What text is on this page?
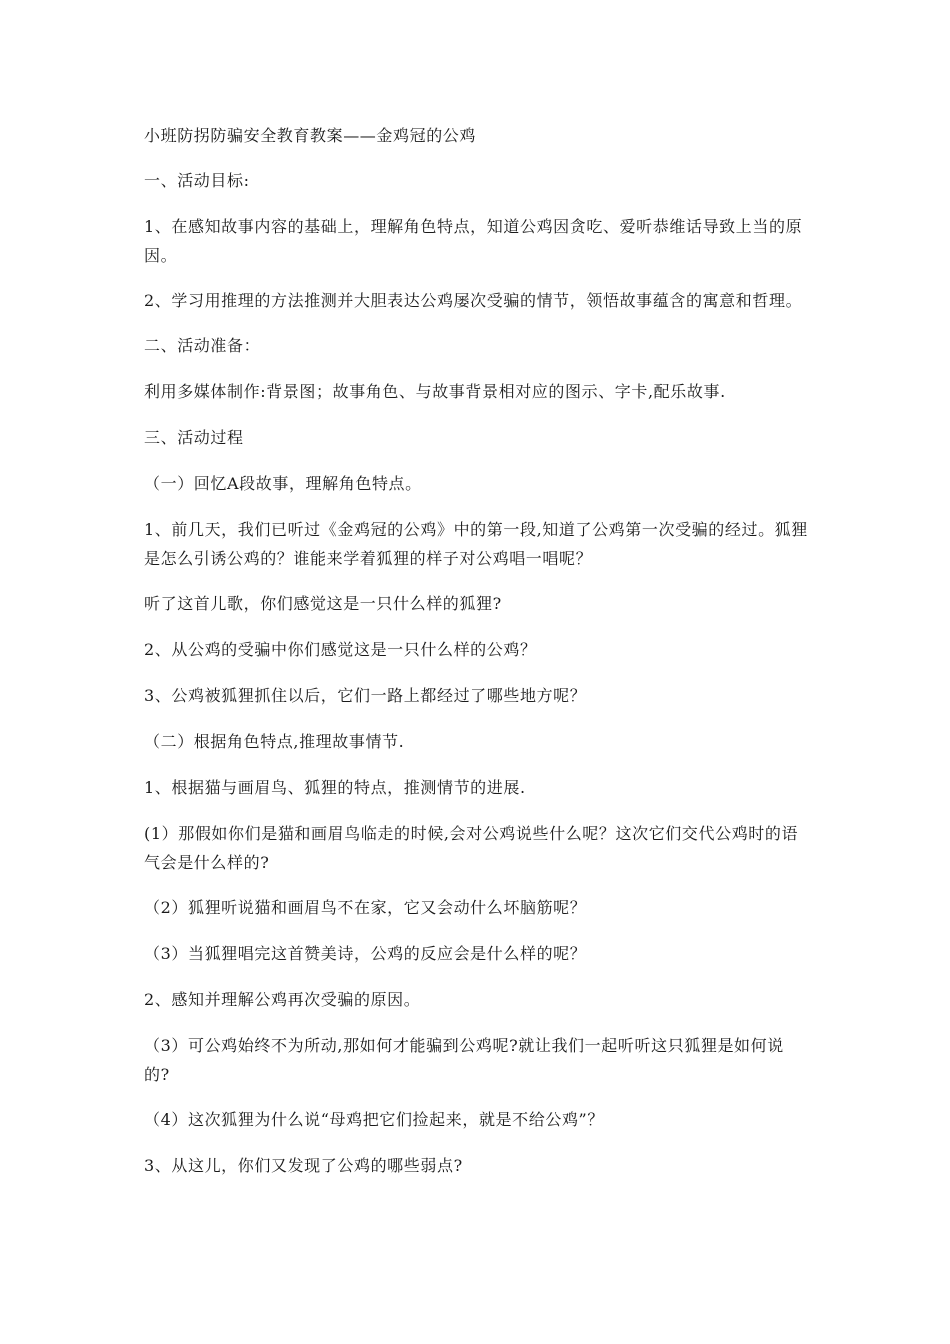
小班防拐防骗安全教育教案——金鸡冠的公鸡

一、活动目标:

1、在感知故事内容的基础上，理解角色特点，知道公鸡因贪吃、爱听恭维话导致上当的原因。

2、学习用推理的方法推测并大胆表达公鸡屡次受骗的情节，领悟故事蕴含的寓意和哲理。

二、活动准备：

利用多媒体制作:背景图；故事角色、与故事背景相对应的图示、字卡,配乐故事.

三、活动过程

（一）回忆A段故事，理解角色特点。

1、前几天，我们已听过《金鸡冠的公鸡》中的第一段,知道了公鸡第一次受骗的经过。狐狸是怎么引诱公鸡的？谁能来学着狐狸的样子对公鸡唱一唱呢？

听了这首儿歌，你们感觉这是一只什么样的狐狸?

2、从公鸡的受骗中你们感觉这是一只什么样的公鸡？

3、公鸡被狐狸抓住以后，它们一路上都经过了哪些地方呢？

（二）根据角色特点,推理故事情节.

1、根据猫与画眉鸟、狐狸的特点，推测情节的进展.

(1）那假如你们是猫和画眉鸟临走的时候,会对公鸡说些什么呢？这次它们交代公鸡时的语气会是什么样的?

（2）狐狸听说猫和画眉鸟不在家，它又会动什么坏脑筋呢？

（3）当狐狸唱完这首赞美诗，公鸡的反应会是什么样的呢？

2、感知并理解公鸡再次受骗的原因。

（3）可公鸡始终不为所动,那如何才能骗到公鸡呢?就让我们一起听听这只狐狸是如何说的?

（4）这次狐狸为什么说“母鸡把它们捡起来，就是不给公鸡”？

3、从这儿，你们又发现了公鸡的哪些弱点?
